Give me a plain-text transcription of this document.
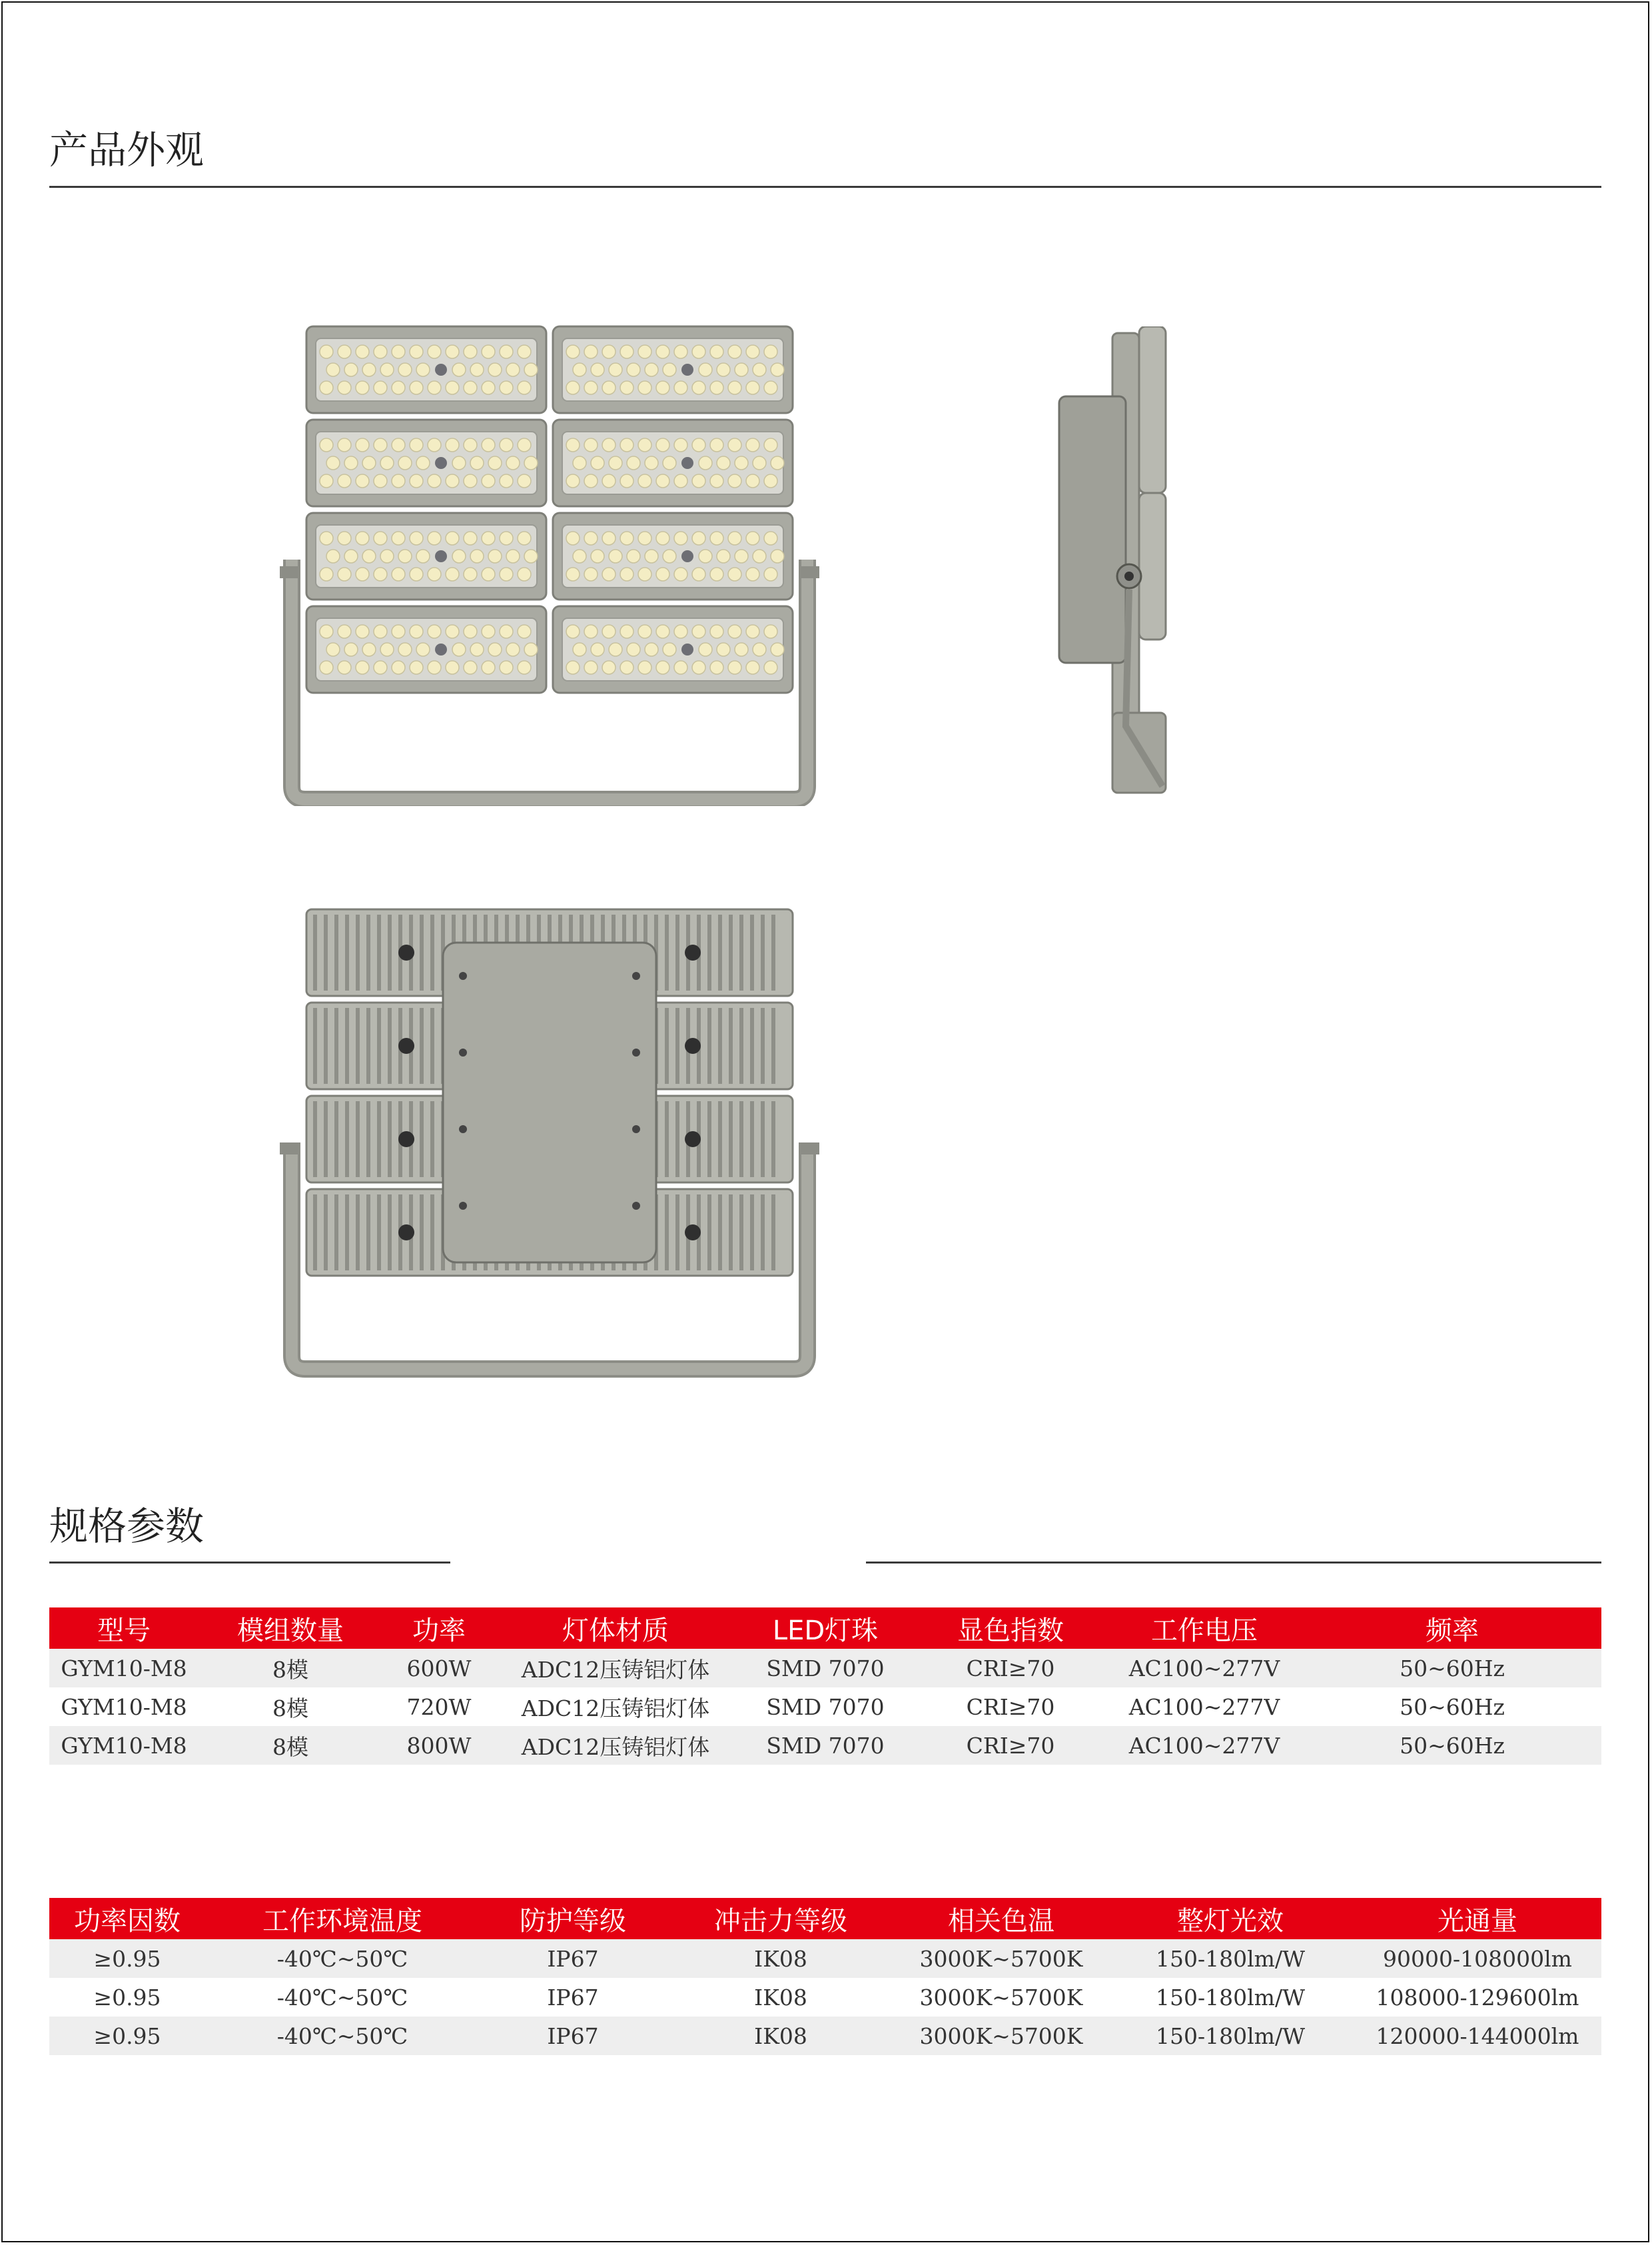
产品外观
规格参数
型号	模组数量	功率	灯体材质	LED灯珠	显色指数	工作电压	频率
GYM10-M8	8模	600W	ADC12压铸铝灯体	SMD 7070	CRI≥70	AC100~277V	50~60Hz
GYM10-M8	8模	720W	ADC12压铸铝灯体	SMD 7070	CRI≥70	AC100~277V	50~60Hz
GYM10-M8	8模	800W	ADC12压铸铝灯体	SMD 7070	CRI≥70	AC100~277V	50~60Hz
功率因数	工作环境温度	防护等级	冲击力等级	相关色温	整灯光效	光通量
≥0.95	-40℃~50℃	IP67	IK08	3000K~5700K	150-180lm/W	90000-108000lm
≥0.95	-40℃~50℃	IP67	IK08	3000K~5700K	150-180lm/W	108000-129600lm
≥0.95	-40℃~50℃	IP67	IK08	3000K~5700K	150-180lm/W	120000-144000lm
